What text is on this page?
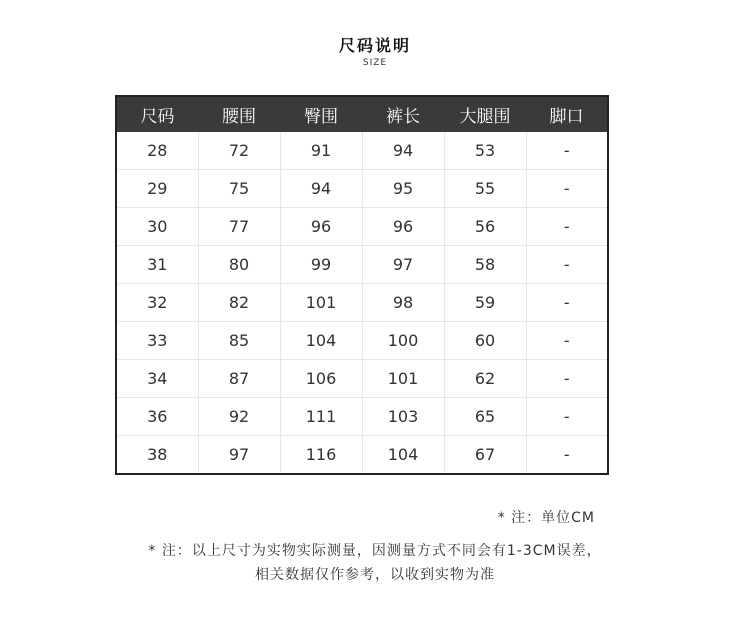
尺码说明
SIZE
尺码	腰围	臀围	裤长	大腿围	脚口
28	72	91	94	53	-
29	75	94	95	55	-
30	77	96	96	56	-
31	80	99	97	58	-
32	82	101	98	59	-
33	85	104	100	60	-
34	87	106	101	62	-
36	92	111	103	65	-
38	97	116	104	67	-
* 注：单位CM
* 注：以上尺寸为实物实际测量，因测量方式不同会有1-3CM误差，
相关数据仅作参考，以收到实物为准
